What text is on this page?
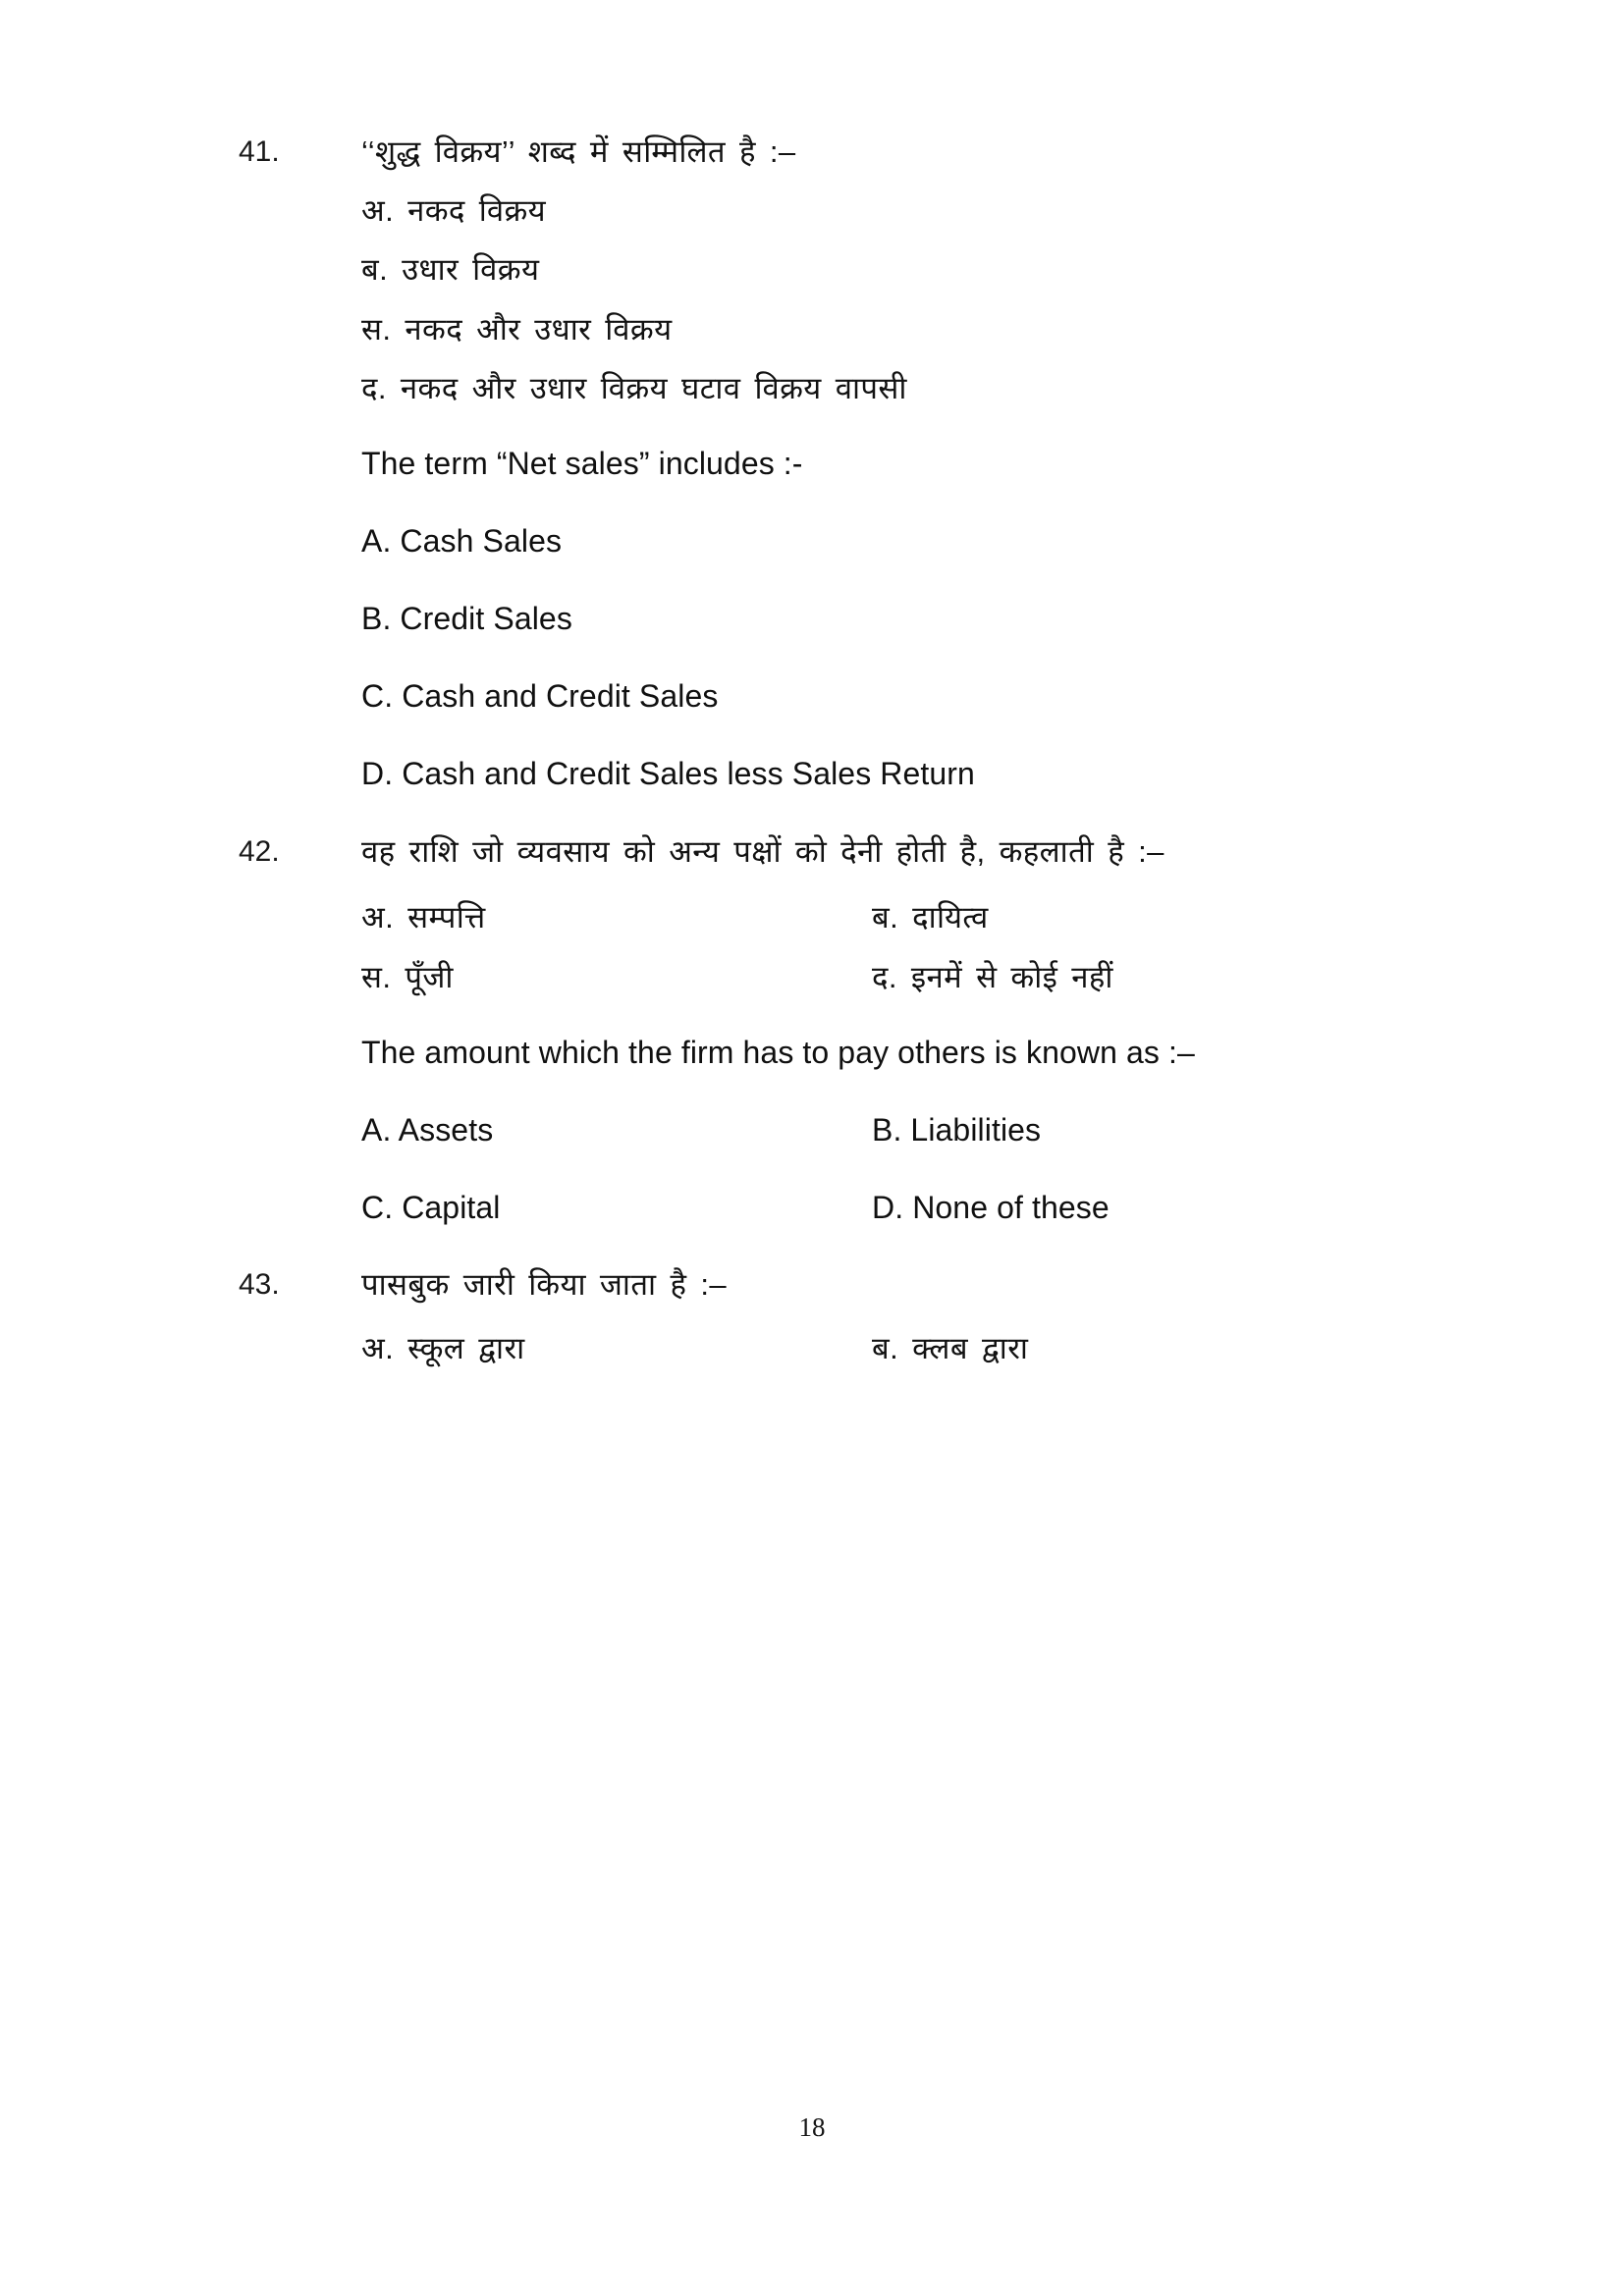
41.	‘‘शुद्ध विक्रय’’ शब्द में सम्मिलित है :–
अ. नकद विक्रय
ब. उधार विक्रय
स. नकद और उधार विक्रय
द. नकद और उधार विक्रय घटाव विक्रय वापसी
The term “Net sales” includes :-
A. Cash Sales
B. Credit Sales
C. Cash and Credit Sales
D. Cash and Credit Sales less Sales Return
42.	वह राशि जो व्यवसाय को अन्य पक्षों को देनी होती है, कहलाती है :–
अ. सम्पत्ति	ब. दायित्व
स. पूँजी	द. इनमें से कोई नहीं
The amount which the firm has to pay others is known as :–
A. Assets	B. Liabilities
C. Capital	D. None of these
43.	पासबुक जारी किया जाता है :–
अ. स्कूल द्वारा	ब. क्लब द्वारा
18
